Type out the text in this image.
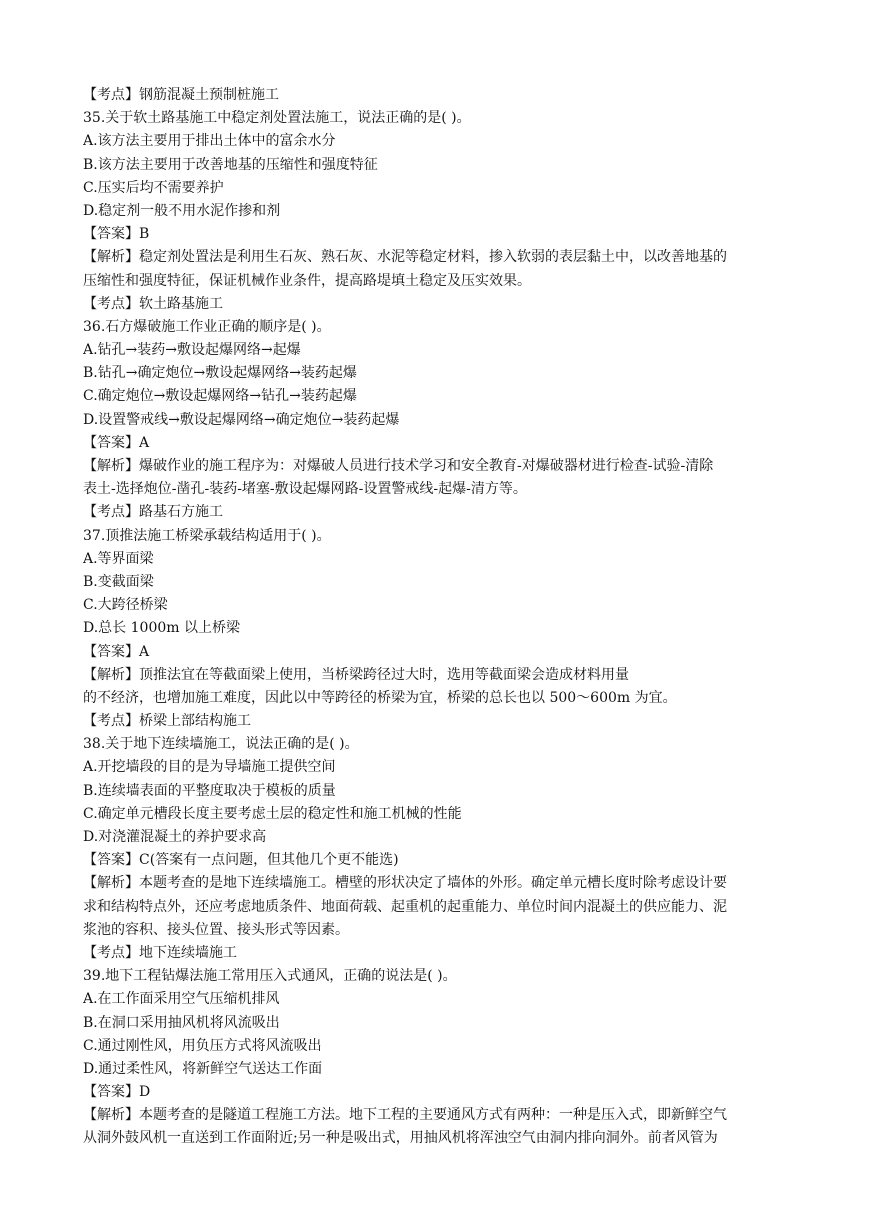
【考点】钢筋混凝土预制桩施工
35.关于软土路基施工中稳定剂处置法施工，说法正确的是( )。
A.该方法主要用于排出土体中的富余水分
B.该方法主要用于改善地基的压缩性和强度特征
C.压实后均不需要养护
D.稳定剂一般不用水泥作掺和剂
【答案】B
【解析】稳定剂处置法是利用生石灰、熟石灰、水泥等稳定材料，掺入软弱的表层黏土中，以改善地基的
压缩性和强度特征，保证机械作业条件，提高路堤填土稳定及压实效果。
【考点】软土路基施工
36.石方爆破施工作业正确的顺序是( )。
A.钻孔→装药→敷设起爆网络→起爆
B.钻孔→确定炮位→敷设起爆网络→装药起爆
C.确定炮位→敷设起爆网络→钻孔→装药起爆
D.设置警戒线→敷设起爆网络→确定炮位→装药起爆
【答案】A
【解析】爆破作业的施工程序为：对爆破人员进行技术学习和安全教育-对爆破器材进行检查-试验-清除
表土-选择炮位-凿孔-装药-堵塞-敷设起爆网路-设置警戒线-起爆-清方等。
【考点】路基石方施工
37.顶推法施工桥梁承载结构适用于( )。
A.等界面梁
B.变截面梁
C.大跨径桥梁
D.总长 1000m 以上桥梁
【答案】A
【解析】顶推法宜在等截面梁上使用，当桥梁跨径过大时，选用等截面梁会造成材料用量
的不经济，也增加施工难度，因此以中等跨径的桥梁为宜，桥梁的总长也以 500～600m 为宜。
【考点】桥梁上部结构施工
38.关于地下连续墙施工，说法正确的是( )。
A.开挖墙段的目的是为导墙施工提供空间
B.连续墙表面的平整度取决于模板的质量
C.确定单元槽段长度主要考虑土层的稳定性和施工机械的性能
D.对浇灌混凝土的养护要求高
【答案】C(答案有一点问题，但其他几个更不能选)
【解析】本题考查的是地下连续墙施工。槽壁的形状决定了墙体的外形。确定单元槽长度时除考虑设计要
求和结构特点外，还应考虑地质条件、地面荷载、起重机的起重能力、单位时间内混凝土的供应能力、泥
浆池的容积、接头位置、接头形式等因素。
【考点】地下连续墙施工
39.地下工程钻爆法施工常用压入式通风，正确的说法是( )。
A.在工作面采用空气压缩机排风
B.在洞口采用抽风机将风流吸出
C.通过刚性风，用负压方式将风流吸出
D.通过柔性风，将新鲜空气送达工作面
【答案】D
【解析】本题考查的是隧道工程施工方法。地下工程的主要通风方式有两种：一种是压入式，即新鲜空气
从洞外鼓风机一直送到工作面附近;另一种是吸出式，用抽风机将浑浊空气由洞内排向洞外。前者风管为
